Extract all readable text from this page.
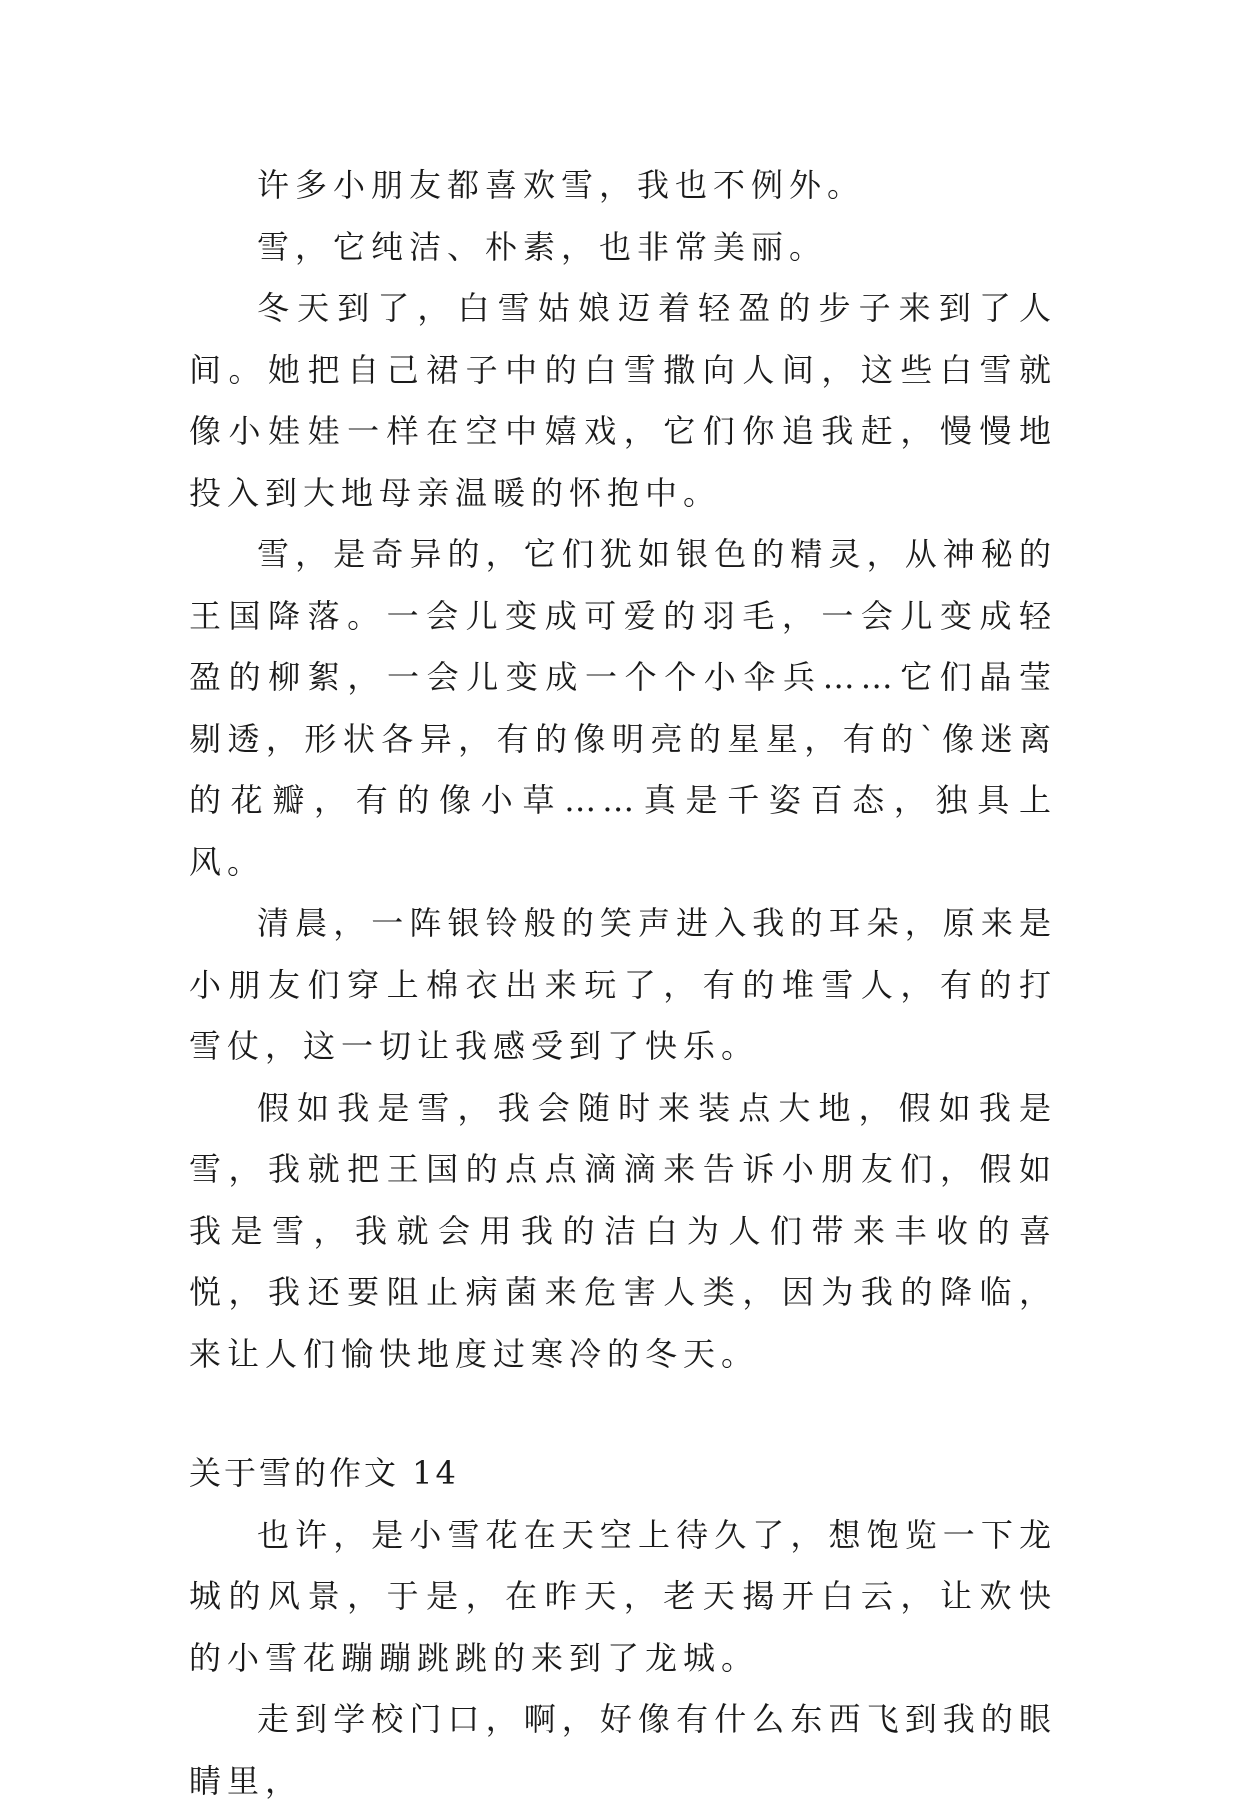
许多小朋友都喜欢雪，我也不例外。

雪，它纯洁、朴素，也非常美丽。

冬天到了，白雪姑娘迈着轻盈的步子来到了人间。她把自己裙子中的白雪撒向人间，这些白雪就像小娃娃一样在空中嬉戏，它们你追我赶，慢慢地投入到大地母亲温暖的怀抱中。

雪，是奇异的，它们犹如银色的精灵，从神秘的王国降落。一会儿变成可爱的羽毛，一会儿变成轻盈的柳絮，一会儿变成一个个小伞兵……它们晶莹剔透，形状各异，有的像明亮的星星，有的`像迷离的花瓣，有的像小草……真是千姿百态，独具上风。

清晨，一阵银铃般的笑声进入我的耳朵，原来是小朋友们穿上棉衣出来玩了，有的堆雪人，有的打雪仗，这一切让我感受到了快乐。

假如我是雪，我会随时来装点大地，假如我是雪，我就把王国的点点滴滴来告诉小朋友们，假如我是雪，我就会用我的洁白为人们带来丰收的喜悦，我还要阻止病菌来危害人类，因为我的降临，来让人们愉快地度过寒冷的冬天。

关于雪的作文 14

也许，是小雪花在天空上待久了，想饱览一下龙城的风景，于是，在昨天，老天揭开白云，让欢快的小雪花蹦蹦跳跳的来到了龙城。

走到学校门口，啊，好像有什么东西飞到我的眼睛里，
